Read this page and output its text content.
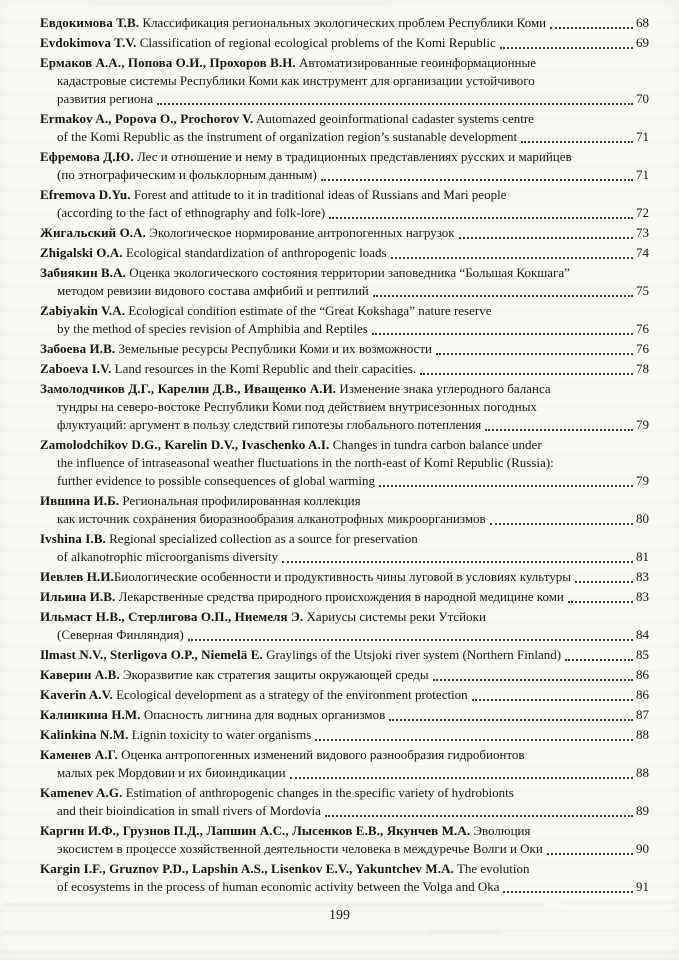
Евдокимова Т.В. Классификация региональных экологических проблем Республики Коми	68
Evdokimova T.V. Classification of regional ecological problems of the Komi Republic	69
Ермаков А.А., Попова О.И., Прохоров В.Н. Автоматизированные геоинформационные
кадастровые системы Республики Коми как инструмент для организации устойчивого
развития региона	70
Ermakov A., Popova O., Prochorov V. Automazed geoinformational cadaster systems centre
of the Komi Republic as the instrument of organization region’s sustanable development	71
Ефремова Д.Ю. Лес и отношение и нему в традиционных представлениях русских и марийцев
(по этнографическим и фольклорным данным)	71
Efremova D.Yu. Forest and attitude to it in traditional ideas of Russians and Mari people
(according to the fact of ethnography and folk-lore)	72
Жигальский О.А. Экологическое нормирование антропогенных нагрузок	73
Zhigalski O.A. Ecological standardization of anthropogenic loads	74
Забиякин В.А. Оценка экологического состояния территории заповедника “Большая Кокшага”
методом ревизии видового состава амфибий и рептилий	75
Zabiyakin V.A. Ecological condition estimate of the “Great Kokshaga” nature reserve
by the method of species revision of Amphibia and Reptiles	76
Забоева И.В. Земельные ресурсы Республики Коми и их возможности	76
Zaboeva I.V. Land resources in the Komi Republic and their capacities.	78
Замолодчиков Д.Г., Карелин Д.В., Иващенко А.И. Изменение знака углеродного баланса
тундры на северо-востоке Республики Коми под действием внутрисезонных погодных
флуктуаций: аргумент в пользу следствий гипотезы глобального потепления	79
Zamolodchikov D.G., Karelin D.V., Ivaschenko A.I. Changes in tundra carbon balance under
the influence of intraseasonal weather fluctuations in the north-east of Komi Republic (Russia):
further evidence to possible consequences of global warming	79
Ившина И.Б. Региональная профилированная коллекция
как источник сохранения биоразнообразия алканотрофных микроорганизмов	80
Ivshina I.B. Regional specialized collection as a source for preservation
of alkanotrophic microorganisms diversity	81
Иевлев Н.И.Биологические особенности и продуктивность чины луговой в условиях культуры	83
Ильина И.В. Лекарственные средства природного происхождения в народной медицине коми	83
Ильмаст Н.В., Стерлигова О.П., Ниемеля Э. Хариусы системы реки Утсйоки
(Северная Финляндия)	84
Ilmast N.V., Sterligova O.P., Niemelä E. Graylings of the Utsjoki river system (Northern Finland)	85
Каверин А.В. Экоразвитие как стратегия защиты окружающей среды	86
Kaverin A.V. Ecological development as a strategy of the environment protection	86
Калинкина Н.М. Опасность лигнина для водных организмов	87
Kalinkina N.M. Lignin toxicity to water organisms	88
Каменев А.Г. Оценка антропогенных изменений видового разнообразия гидробионтов
малых рек Мордовии и их биоиндикации	88
Kamenev A.G. Estimation of anthropogenic changes in the specific variety of hydrobionts
and their bioindication in small rivers of Mordovia	89
Каргин И.Ф., Грузнов П.Д., Лапшин А.С., Лысенков Е.В., Якунчев М.А. Эволюция
экосистем в процессе хозяйственной деятельности человека в междуречье Волги и Оки	90
Kargin I.F., Gruznov P.D., Lapshin A.S., Lisenkov E.V., Yakuntchev M.A. The evolution
of ecosystems in the process of human economic activity between the Volga and Oka	91
199
